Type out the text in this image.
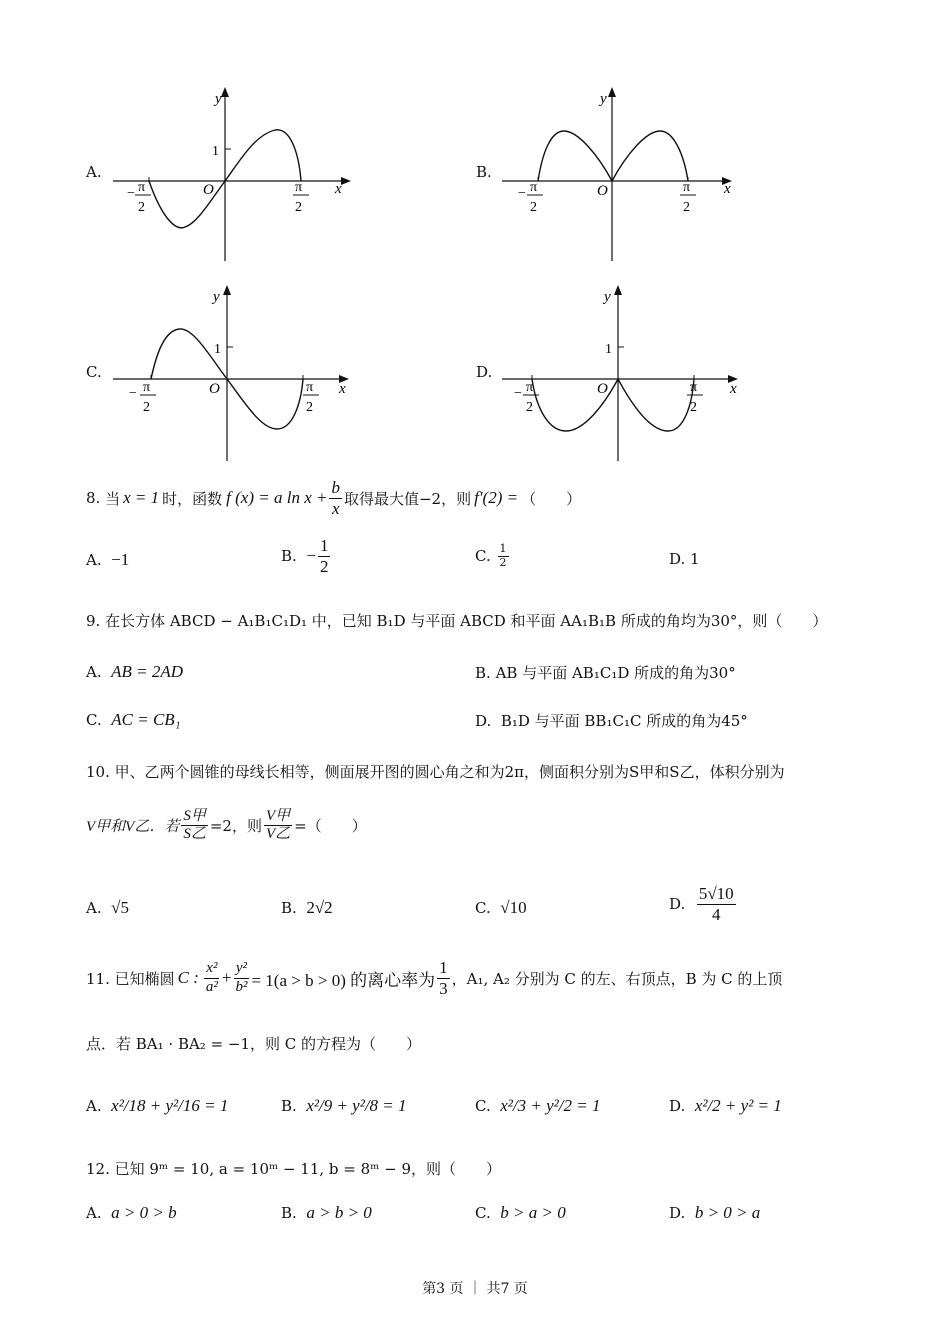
A.
y
x
O
1
− π
2
π
2
B.
y
x
O
− π
2
π
2
C.
y
x
O
1
− π
2
π
2
D.
y
x
O
1
− π
2
π
2
8.
当 x = 1 时，函数 f (x) = a $\ln x + \frac{b}{x}$ 取得最大值−2，则 f′(2) = （　　）
A. −1	B.
− $\frac{1}{2}$	C.
$\frac{1}{2}$	D. 1
9. 在长方体 ABCD − A₁B₁C₁D₁ 中，已知 B₁D 与平面 ABCD 和平面 AA₁B₁B 所成的角均为30°，则（　　）
A. AB = 2AD	B. AB 与平面 AB₁C₁D 所成的角为30°
C. AC = CB₁	D. B₁D 与平面 BB₁C₁C 所成的角为45°
10. 甲、乙两个圆锥的母线长相等，侧面展开图的圆心角之和为2π，侧面积分别为S甲和S乙，体积分别为
V甲和V乙．若 $\frac{\text{S甲}}{\text{S乙}} =2$，则 $\frac{\text{V甲}}{\text{V乙}}$ =（　　）
A. √5	B. 2√2	C. √10	D.
$\frac{5√10}{4}$
11. 已知椭圆 C : $\frac{\text{x²}}{\text{a²}} + \frac{\text{y²}}{\text{b²}} = 1(a > b > 0)$ 的离心率为 $\frac{1}{3}$ ，A₁, A₂ 分别为 C 的左、右顶点，B 为 C 的上顶
点．若 BA₁ · BA₂ = −1，则 C 的方程为（　　）
A. x²/18 + y²/16 = 1	B. x²/9 + y²/8 = 1	C. x²/3 + y²/2 = 1	D. x²/2 + y² = 1
12. 已知 9ᵐ = 10, a = 10ᵐ − 11, b = 8ᵐ − 9，则（　　）
A. a > 0 > b	B. a > b > 0	C. b > a > 0	D. b > 0 > a
第3 页 ｜ 共7 页
